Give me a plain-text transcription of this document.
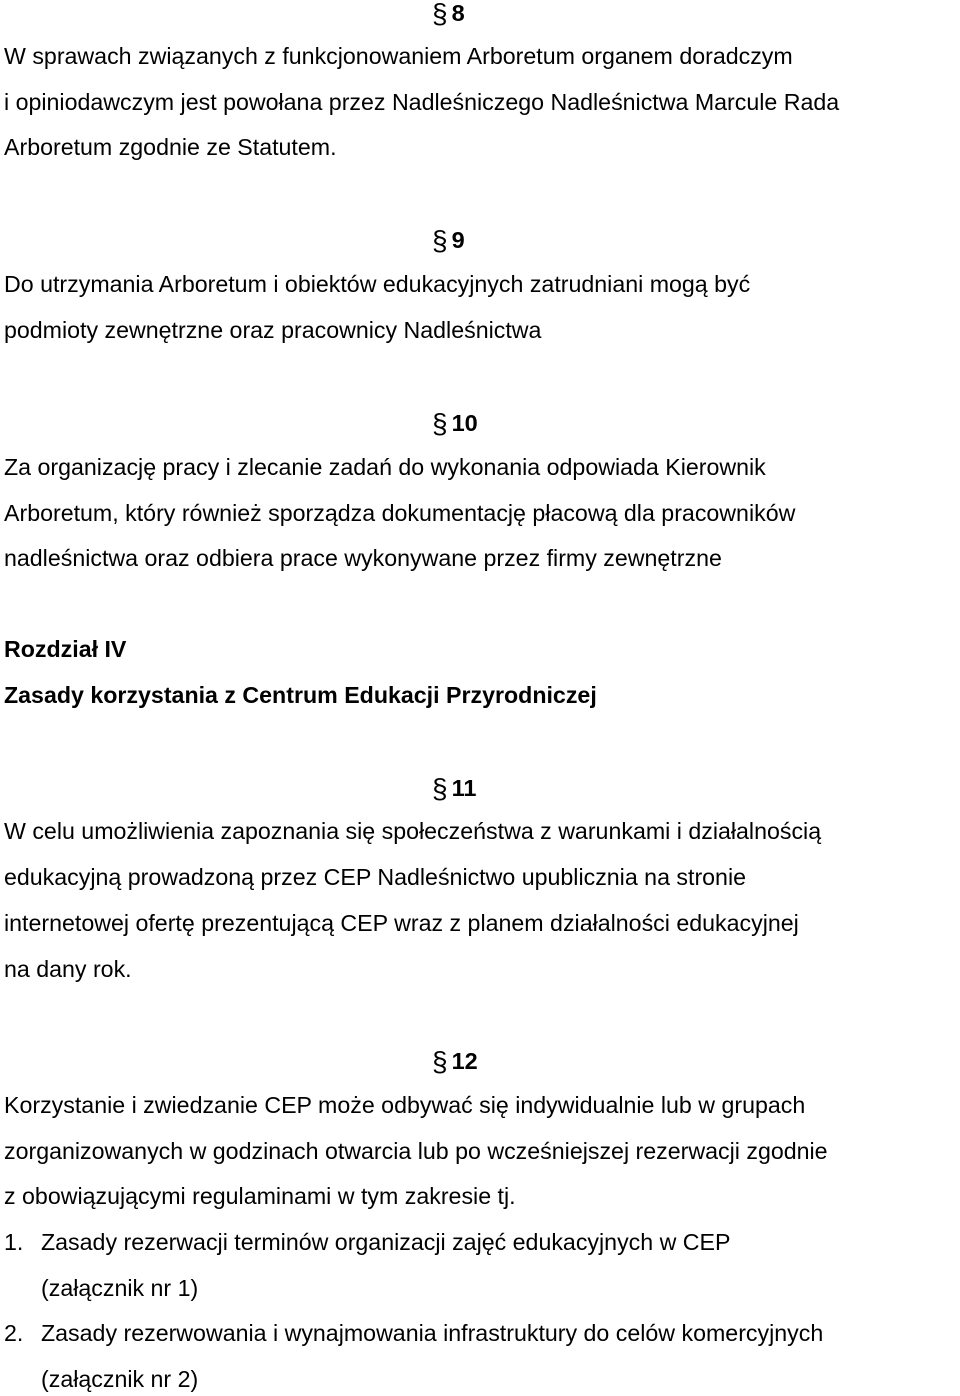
§ 8
W sprawach związanych z funkcjonowaniem Arboretum organem doradczym
i opiniodawczym jest powołana przez Nadleśniczego Nadleśnictwa Marcule Rada
Arboretum zgodnie ze Statutem.
§ 9
Do utrzymania Arboretum i obiektów edukacyjnych zatrudniani mogą być
podmioty zewnętrzne oraz pracownicy Nadleśnictwa
§ 10
Za organizację pracy i zlecanie zadań do wykonania odpowiada Kierownik
Arboretum, który również sporządza dokumentację płacową dla pracowników
nadleśnictwa oraz odbiera prace wykonywane przez firmy zewnętrzne
Rozdział IV
Zasady korzystania z Centrum Edukacji Przyrodniczej
§ 11
W celu umożliwienia zapoznania się społeczeństwa z warunkami i działalnością
edukacyjną prowadzoną przez CEP Nadleśnictwo upublicznia na stronie
internetowej ofertę prezentującą CEP wraz z planem działalności edukacyjnej
na dany rok.
§ 12
Korzystanie i zwiedzanie CEP może odbywać się indywidualnie lub w grupach
zorganizowanych w godzinach otwarcia lub po wcześniejszej rezerwacji zgodnie
z obowiązującymi regulaminami w tym zakresie tj.
1. Zasady rezerwacji terminów organizacji zajęć edukacyjnych w CEP
(załącznik nr 1)
2. Zasady rezerwowania i wynajmowania infrastruktury do celów komercyjnych
(załącznik nr 2)
